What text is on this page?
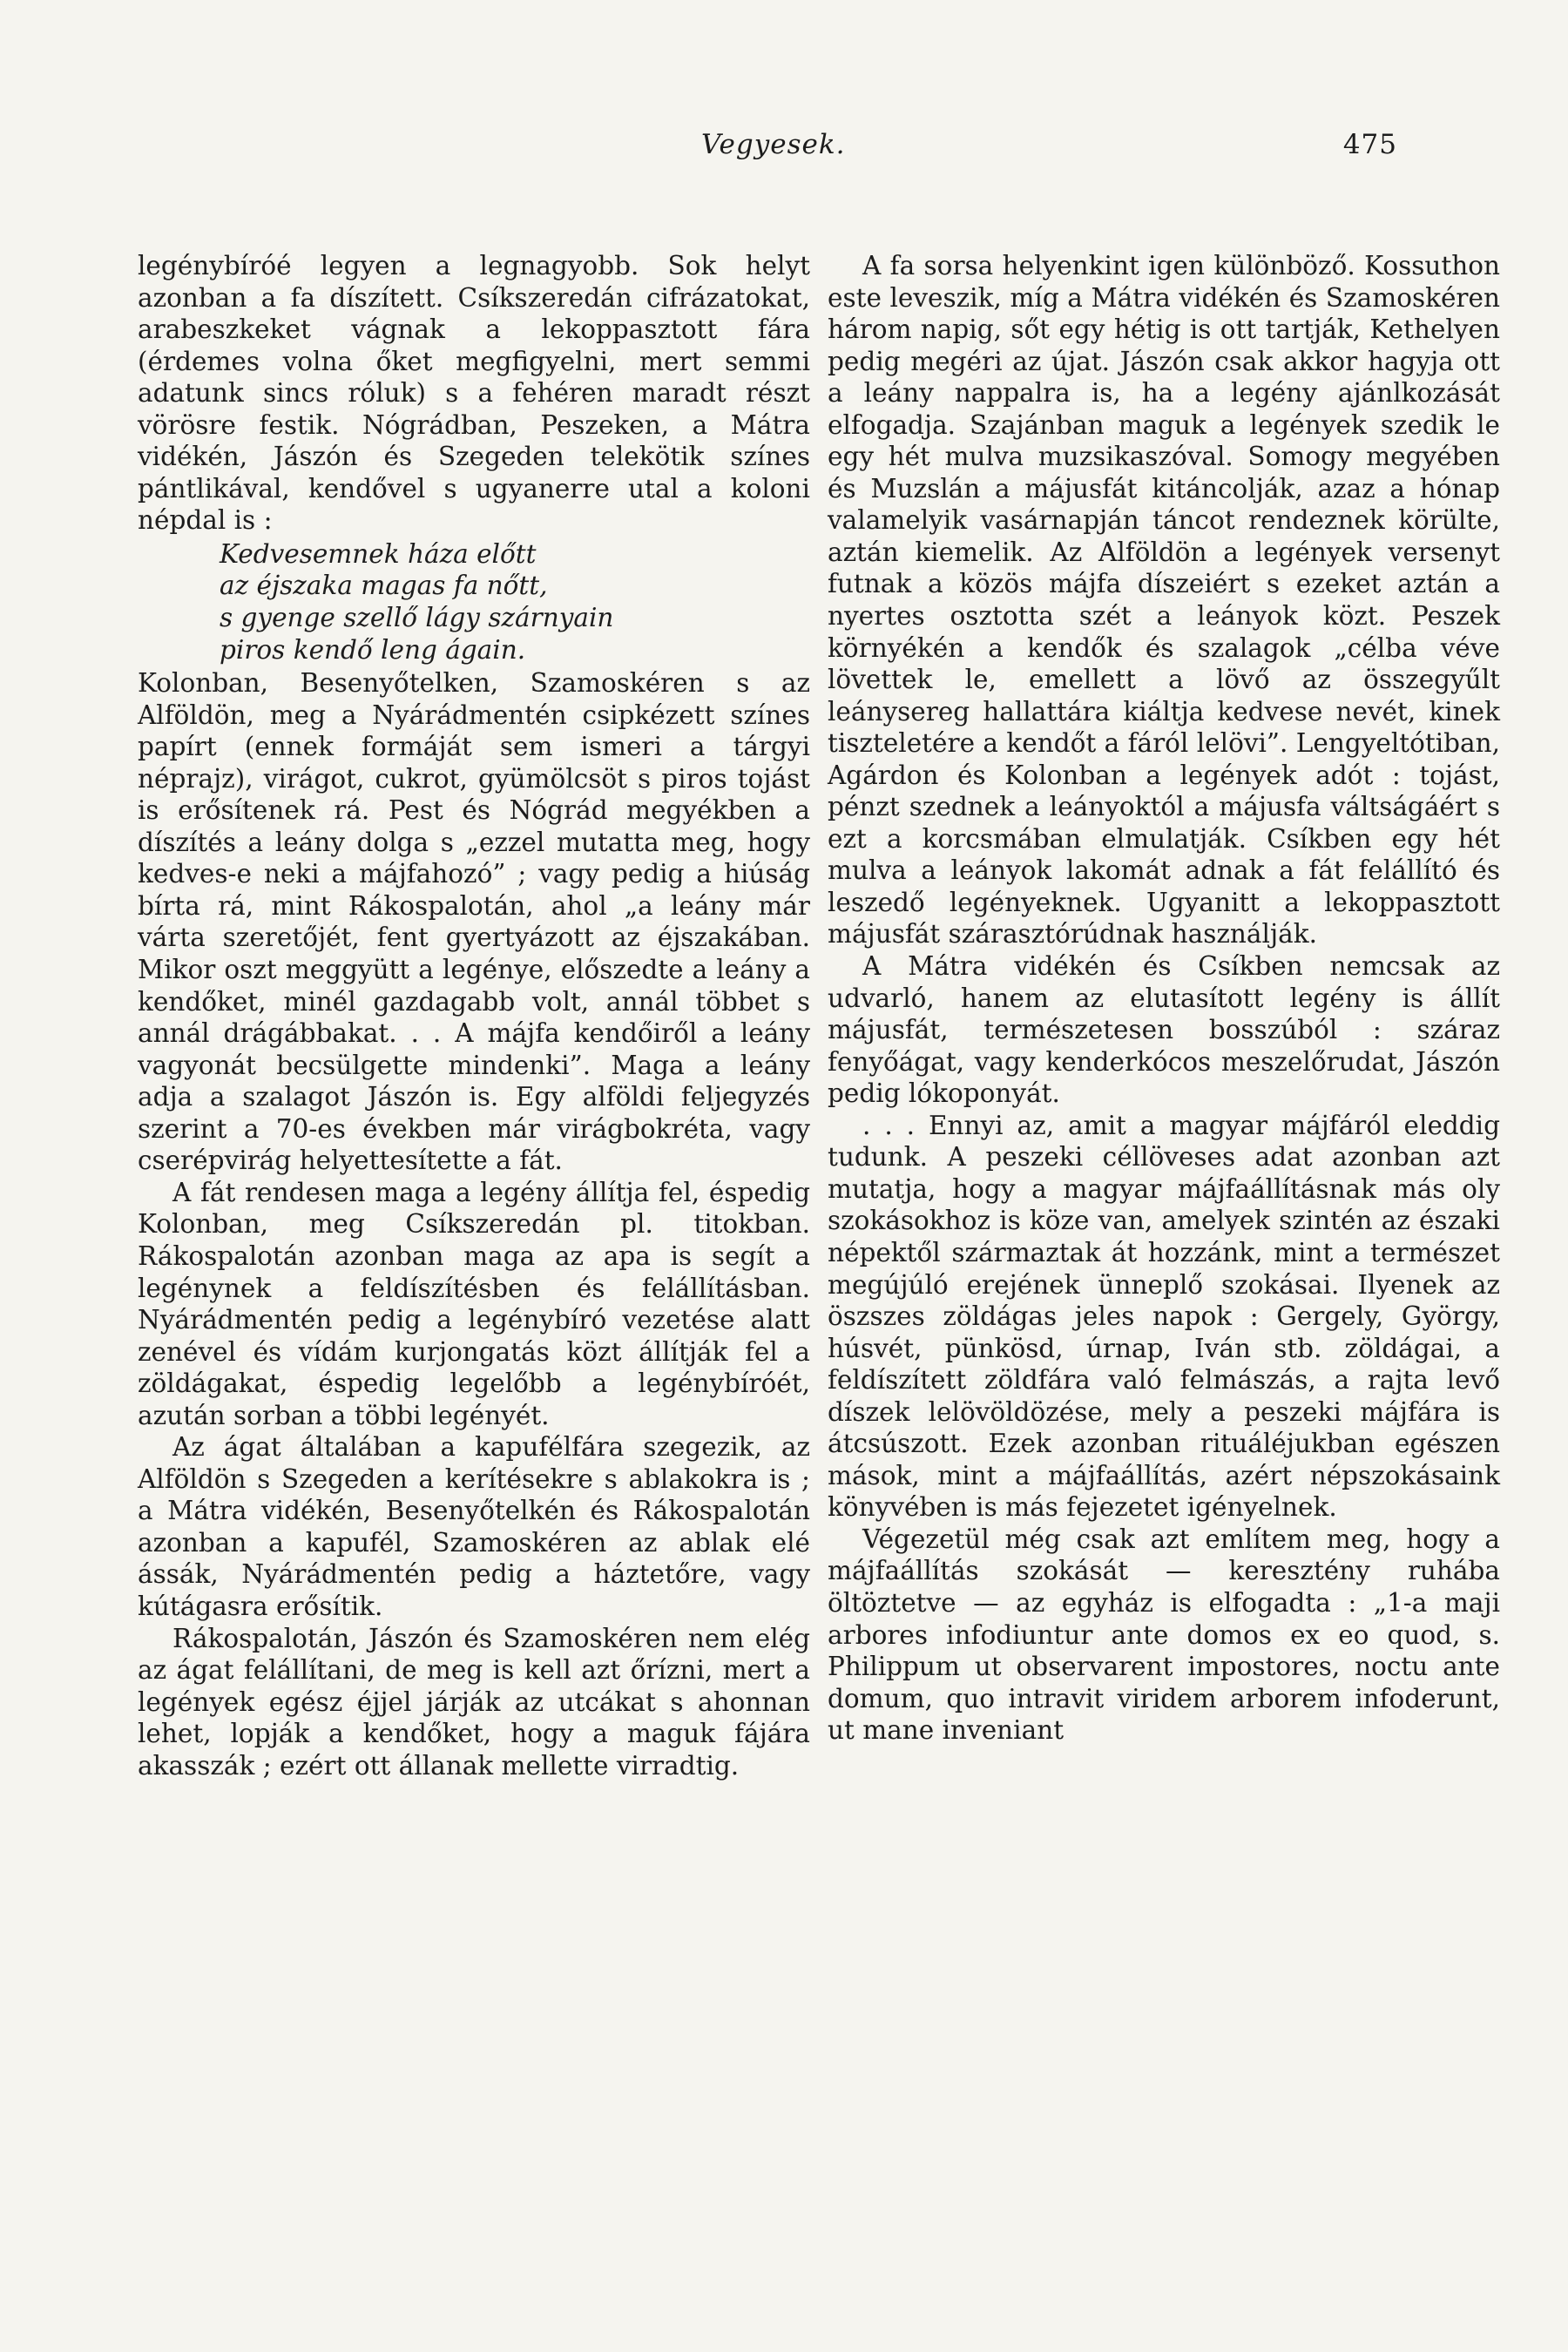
Vegyesek.	475

legénybíróé legyen a legnagyobb. Sok helyt azonban a fa díszített. Csíkszeredán cifrázatokat, arabeszkeket vágnak a lekoppasztott fára (érdemes volna őket megfigyelni, mert semmi adatunk sincs róluk) s a fehéren maradt részt vörösre festik. Nógrádban, Peszeken, a Mátra vidékén, Jászón és Szegeden telekötik színes pántlikával, kendővel s ugyanerre utal a koloni népdal is :

Kedvesemnek háza előtt
az éjszaka magas fa nőtt,
s gyenge szellő lágy szárnyain
piros kendő leng ágain.

Kolonban, Besenyőtelken, Szamoskéren s az Alföldön, meg a Nyárádmentén csipkézett színes papírt (ennek formáját sem ismeri a tárgyi néprajz), virágot, cukrot, gyümölcsöt s piros tojást is erősítenek rá. Pest és Nógrád megyékben a díszítés a leány dolga s „ezzel mutatta meg, hogy kedves-e neki a májfahozó” ; vagy pedig a hiúság bírta rá, mint Rákospalotán, ahol „a leány már várta szeretőjét, fent gyertyázott az éjszakában. Mikor oszt meggyütt a legénye, előszedte a leány a kendőket, minél gazdagabb volt, annál többet s annál drágábbakat. . . A májfa kendőiről a leány vagyonát becsülgette mindenki”. Maga a leány adja a szalagot Jászón is. Egy alföldi feljegyzés szerint a 70-es években már virágbokréta, vagy cserépvirág helyettesítette a fát.

A fát rendesen maga a legény állítja fel, éspedig Kolonban, meg Csíkszeredán pl. titokban. Rákospalotán azonban maga az apa is segít a legénynek a feldíszítésben és felállításban. Nyárádmentén pedig a legénybíró vezetése alatt zenével és vídám kurjongatás közt állítják fel a zöldágakat, éspedig legelőbb a legénybíróét, azután sorban a többi legényét.

Az ágat általában a kapufélfára szegezik, az Alföldön s Szegeden a kerítésekre s ablakokra is ; a Mátra vidékén, Besenyőtelkén és Rákospalotán azonban a kapufél, Szamoskéren az ablak elé ássák, Nyárádmentén pedig a háztetőre, vagy kútágasra erősítik.

Rákospalotán, Jászón és Szamoskéren nem elég az ágat felállítani, de meg is kell azt őrízni, mert a legények egész éjjel járják az utcákat s ahonnan lehet, lopják a kendőket, hogy a maguk fájára akasszák ; ezért ott állanak mellette virradtig.

A fa sorsa helyenkint igen különböző. Kossuthon este leveszik, míg a Mátra vidékén és Szamoskéren három napig, sőt egy hétig is ott tartják, Kethelyen pedig megéri az újat. Jászón csak akkor hagyja ott a leány nappalra is, ha a legény ajánlkozását elfogadja. Szajánban maguk a legények szedik le egy hét mulva muzsikaszóval. Somogy megyében és Muzslán a májusfát kitáncolják, azaz a hónap valamelyik vasárnapján táncot rendeznek körülte, aztán kiemelik. Az Alföldön a legények versenyt futnak a közös májfa díszeiért s ezeket aztán a nyertes osztotta szét a leányok közt. Peszek környékén a kendők és szalagok „célba véve lövettek le, emellett a lövő az összegyűlt leánysereg hallattára kiáltja kedvese nevét, kinek tiszteletére a kendőt a fáról lelövi”. Lengyeltótiban, Agárdon és Kolonban a legények adót : tojást, pénzt szednek a leányoktól a májusfa váltságáért s ezt a korcsmában elmulatják. Csíkben egy hét mulva a leányok lakomát adnak a fát felállító és leszedő legényeknek. Ugyanitt a lekoppasztott májusfát szárasztórúdnak használják.

A Mátra vidékén és Csíkben nemcsak az udvarló, hanem az elutasított legény is állít májusfát, természetesen bosszúból : száraz fenyőágat, vagy kenderkócos meszelőrudat, Jászón pedig lókoponyát.

. . . Ennyi az, amit a magyar májfáról eleddig tudunk. A peszeki céllöveses adat azonban azt mutatja, hogy a magyar májfaállításnak más oly szokásokhoz is köze van, amelyek szintén az északi népektől származtak át hozzánk, mint a természet megújúló erejének ünneplő szokásai. Ilyenek az öszszes zöldágas jeles napok : Gergely, György, húsvét, pünkösd, úrnap, Iván stb. zöldágai, a feldíszített zöldfára való felmászás, a rajta levő díszek lelövöldözése, mely a peszeki májfára is átcsúszott. Ezek azonban rituáléjukban egészen mások, mint a májfaállítás, azért népszokásaink könyvében is más fejezetet igényelnek.

Végezetül még csak azt említem meg, hogy a májfaállítás szokását — keresztény ruhába öltöztetve — az egyház is elfogadta : „1-a maji arbores infodiuntur ante domos ex eo quod, s. Philippum ut observarent impostores, noctu ante domum, quo intravit viridem arborem infoderunt, ut mane inveniant
